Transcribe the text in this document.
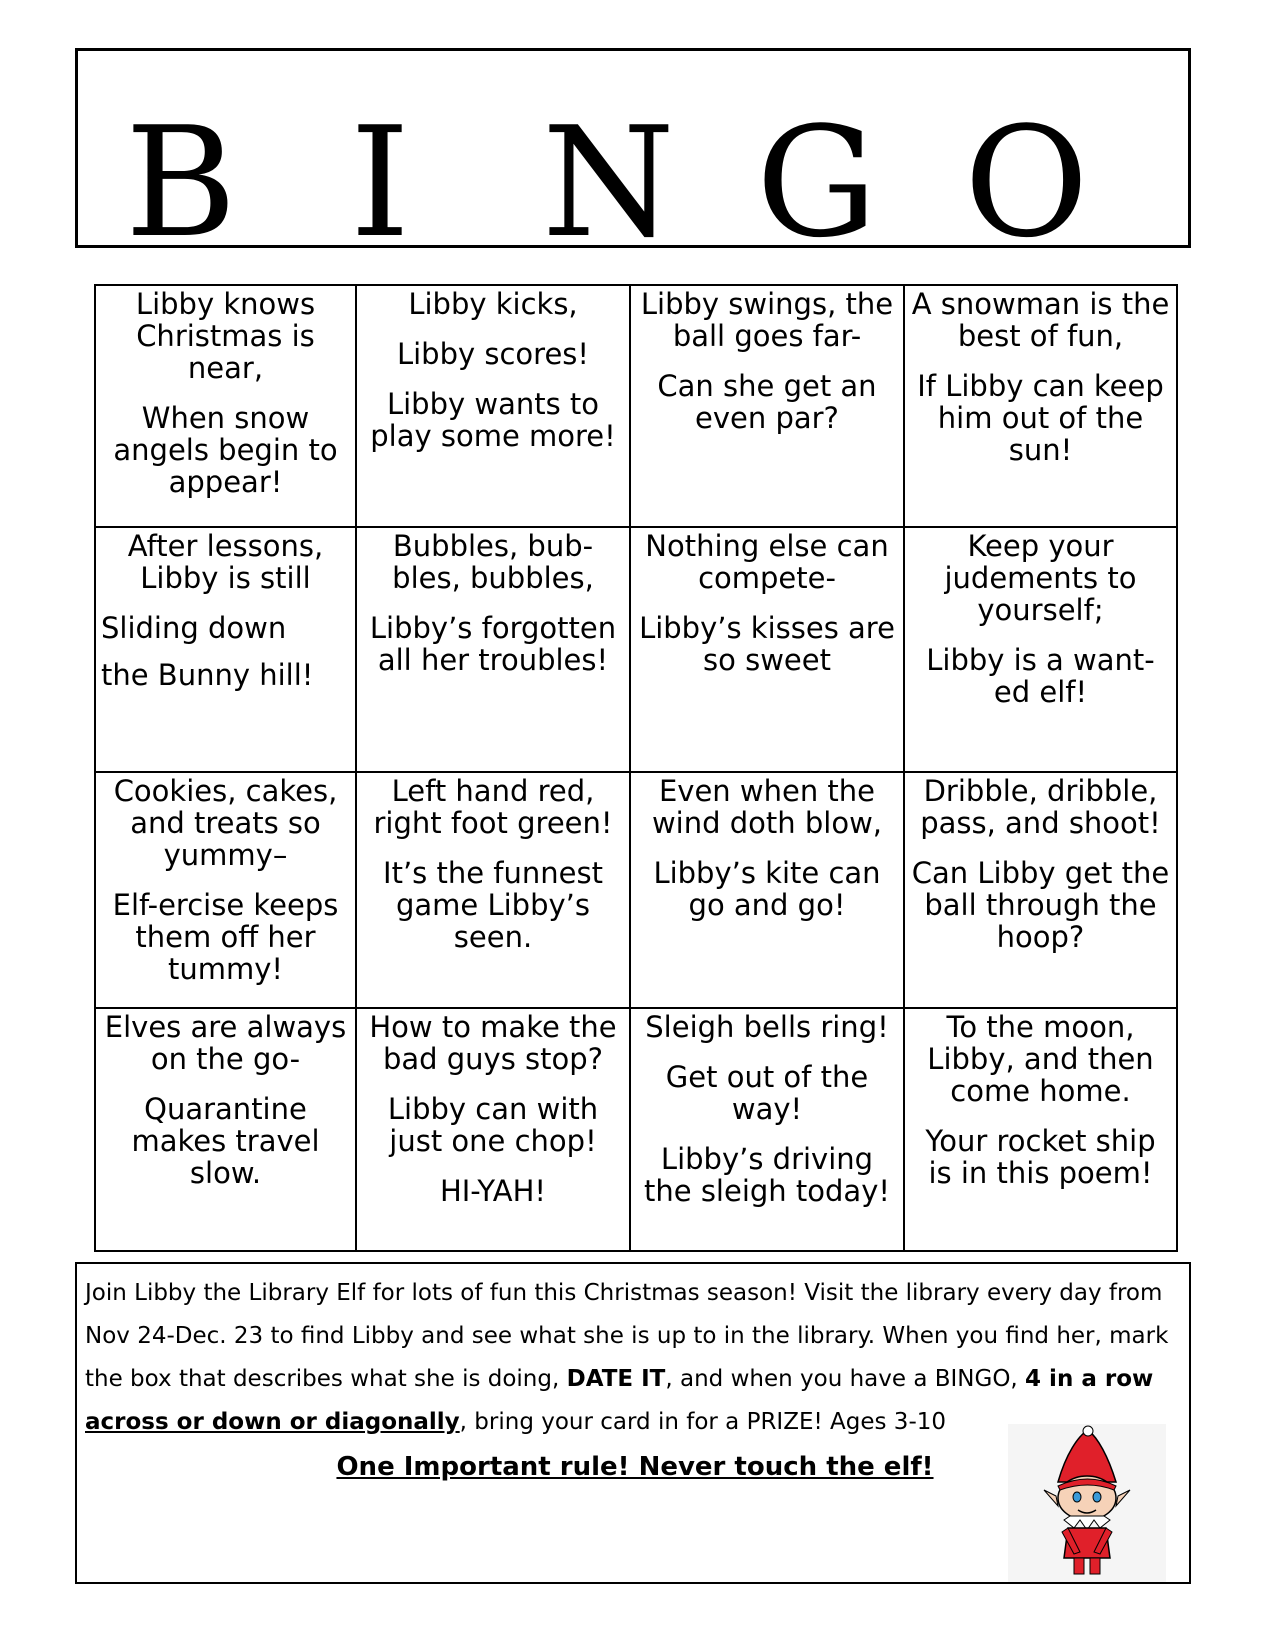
B I N G O

Libby knows Christmas is near,

When snow angels begin to appear!

Libby kicks,

Libby scores!

Libby wants to play some more!

Libby swings, the ball goes far-

Can she get an even par?

A snowman is the best of fun,

If Libby can keep him out of the sun!

After lessons, Libby is still

Sliding down

the Bunny hill!

Bubbles, bub-bles, bubbles,

Libby’s forgotten all her troubles!

Nothing else can compete-

Libby’s kisses are so sweet

Keep your judements to yourself;

Libby is a want-ed elf!

Cookies, cakes, and treats so yummy–

Elf-ercise keeps them off her tummy!

Left hand red, right foot green!

It’s the funnest game Libby’s seen.

Even when the wind doth blow,

Libby’s kite can go and go!

Dribble, dribble, pass, and shoot!

Can Libby get the ball through the hoop?

Elves are always on the go-

Quarantine makes travel slow.

How to make the bad guys stop?

Libby can with just one chop!

HI-YAH!

Sleigh bells ring!

Get out of the way!

Libby’s driving the sleigh today!

To the moon, Libby, and then come home.

Your rocket ship is in this poem!

Join Libby the Library Elf for lots of fun this Christmas season! Visit the library every day from Nov 24-Dec. 23 to find Libby and see what she is up to in the library. When you find her, mark the box that describes what she is doing, DATE IT, and when you have a BINGO, 4 in a row across or down or diagonally, bring your card in for a PRIZE! Ages 3-10
One Important rule! Never touch the elf!
